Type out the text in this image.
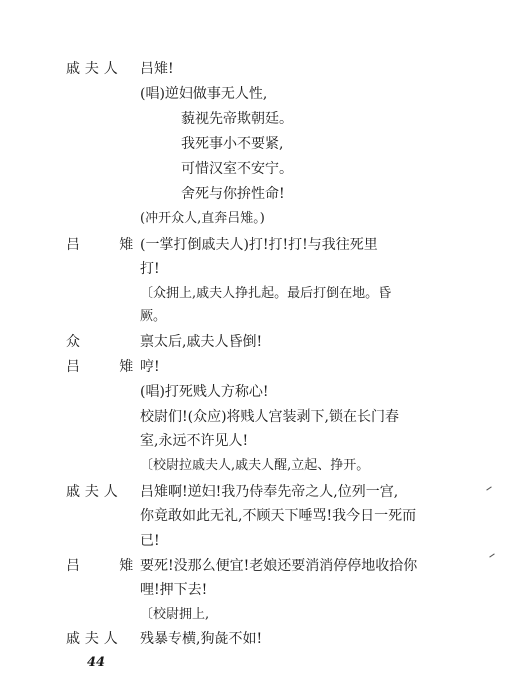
戚夫人 吕雉!
(唱)逆妇做事无人性,
藐视先帝欺朝廷。
我死事小不要紧,
可惜汉室不安宁。
舍死与你拚性命!
(冲开众人,直奔吕雉。)
吕　雉
(一掌打倒戚夫人)打!打!打!与我往死里
打!
〔众拥上,戚夫人挣扎起。最后打倒在地。昏
厥。
众	禀太后,戚夫人昏倒!
吕　雉
哼!
(唱)打死贱人方称心!
校尉们!(众应)将贱人宫装剥下,锁在长门春
室,永远不许见人!
〔校尉拉戚夫人,戚夫人醒,立起、挣开。
戚夫人 吕雉啊!逆妇!我乃侍奉先帝之人,位列一宫,
你竟敢如此无礼,不顾天下唾骂!我今日一死而
已!
吕　雉
要死!没那么便宜!老娘还要消消停停地收拾你
哩!押下去!
〔校尉拥上,
戚夫人 残暴专横,狗彘不如!
44
